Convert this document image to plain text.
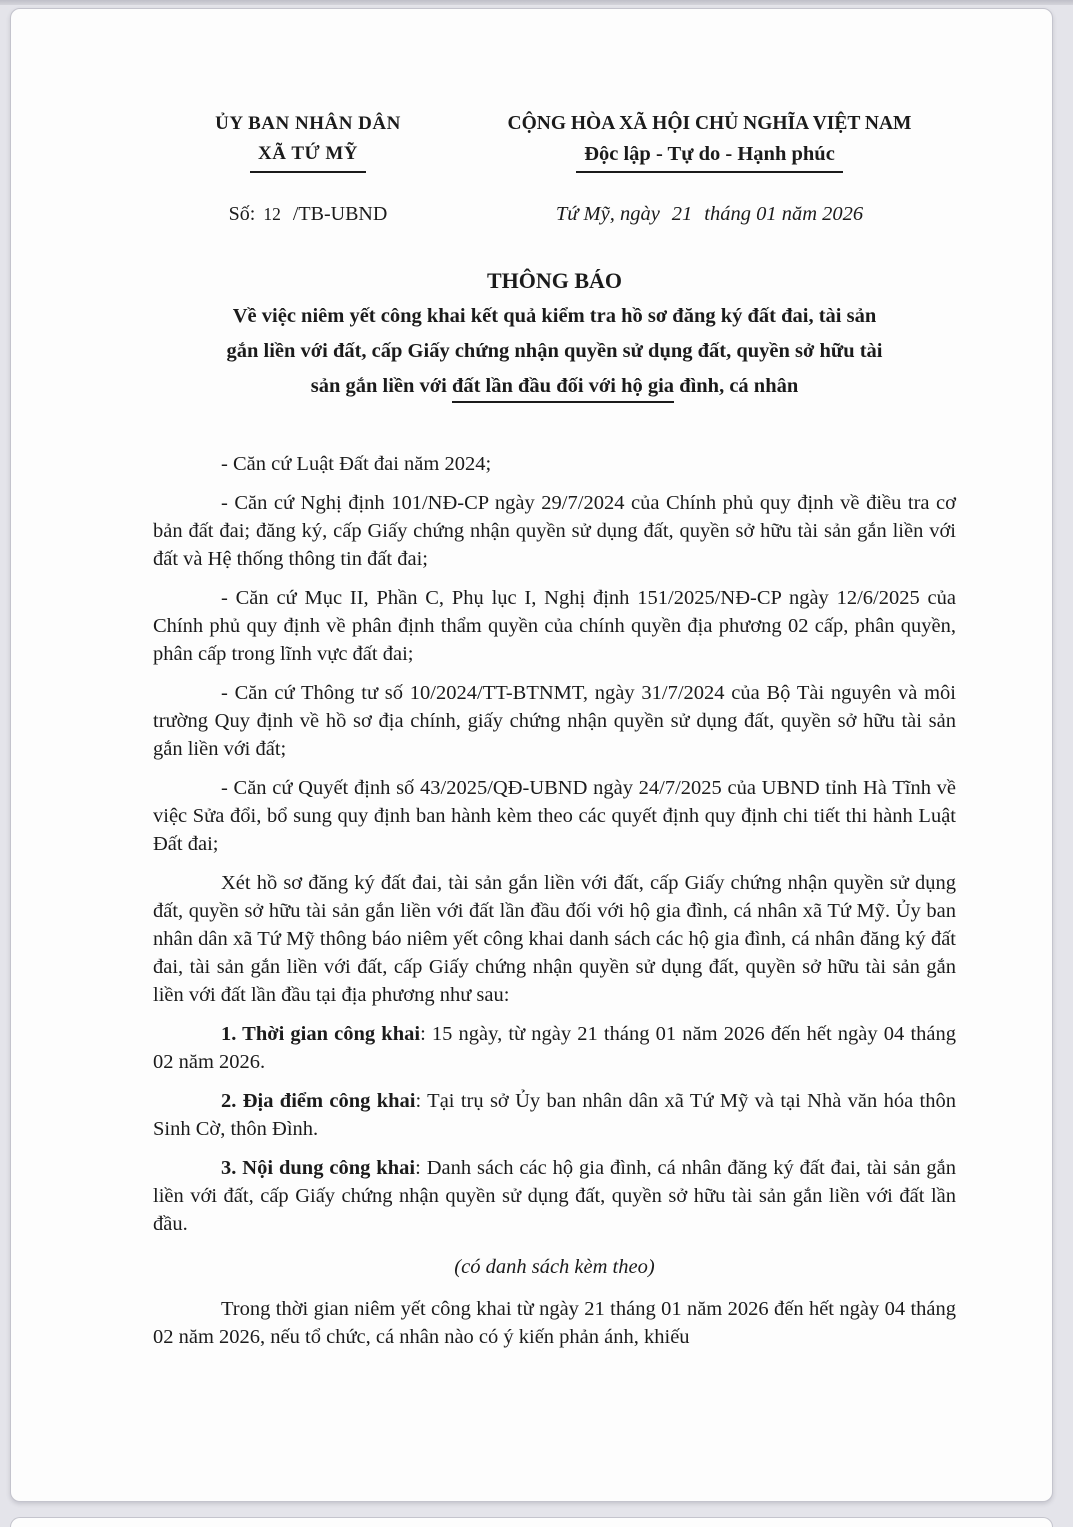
ỦY BAN NHÂN DÂN
XÃ TỨ MỸ
Số: 12 /TB-UBND
CỘNG HÒA XÃ HỘI CHỦ NGHĨA VIỆT NAM
Độc lập - Tự do - Hạnh phúc
Tứ Mỹ, ngày 21 tháng 01 năm 2026
THÔNG BÁO
Về việc niêm yết công khai kết quả kiểm tra hồ sơ đăng ký đất đai, tài sản
gắn liền với đất, cấp Giấy chứng nhận quyền sử dụng đất, quyền sở hữu tài
sản gắn liền với đất lần đầu đối với hộ gia đình, cá nhân

- Căn cứ Luật Đất đai năm 2024;

- Căn cứ Nghị định 101/NĐ-CP ngày 29/7/2024 của Chính phủ quy định về điều tra cơ bản đất đai; đăng ký, cấp Giấy chứng nhận quyền sử dụng đất, quyền sở hữu tài sản gắn liền với đất và Hệ thống thông tin đất đai;

- Căn cứ Mục II, Phần C, Phụ lục I, Nghị định 151/2025/NĐ-CP ngày 12/6/2025 của Chính phủ quy định về phân định thẩm quyền của chính quyền địa phương 02 cấp, phân quyền, phân cấp trong lĩnh vực đất đai;

- Căn cứ Thông tư số 10/2024/TT-BTNMT, ngày 31/7/2024 của Bộ Tài nguyên và môi trường Quy định về hồ sơ địa chính, giấy chứng nhận quyền sử dụng đất, quyền sở hữu tài sản gắn liền với đất;

- Căn cứ Quyết định số 43/2025/QĐ-UBND ngày 24/7/2025 của UBND tỉnh Hà Tĩnh về việc Sửa đổi, bổ sung quy định ban hành kèm theo các quyết định quy định chi tiết thi hành Luật Đất đai;

Xét hồ sơ đăng ký đất đai, tài sản gắn liền với đất, cấp Giấy chứng nhận quyền sử dụng đất, quyền sở hữu tài sản gắn liền với đất lần đầu đối với hộ gia đình, cá nhân xã Tứ Mỹ. Ủy ban nhân dân xã Tứ Mỹ thông báo niêm yết công khai danh sách các hộ gia đình, cá nhân đăng ký đất đai, tài sản gắn liền với đất, cấp Giấy chứng nhận quyền sử dụng đất, quyền sở hữu tài sản gắn liền với đất lần đầu tại địa phương như sau:

1. Thời gian công khai: 15 ngày, từ ngày 21 tháng 01 năm 2026 đến hết ngày 04 tháng 02 năm 2026.

2. Địa điểm công khai: Tại trụ sở Ủy ban nhân dân xã Tứ Mỹ và tại Nhà văn hóa thôn Sinh Cờ, thôn Đình.

3. Nội dung công khai: Danh sách các hộ gia đình, cá nhân đăng ký đất đai, tài sản gắn liền với đất, cấp Giấy chứng nhận quyền sử dụng đất, quyền sở hữu tài sản gắn liền với đất lần đầu.

(có danh sách kèm theo)

Trong thời gian niêm yết công khai từ ngày 21 tháng 01 năm 2026 đến hết ngày 04 tháng 02 năm 2026, nếu tổ chức, cá nhân nào có ý kiến phản ánh, khiếu
